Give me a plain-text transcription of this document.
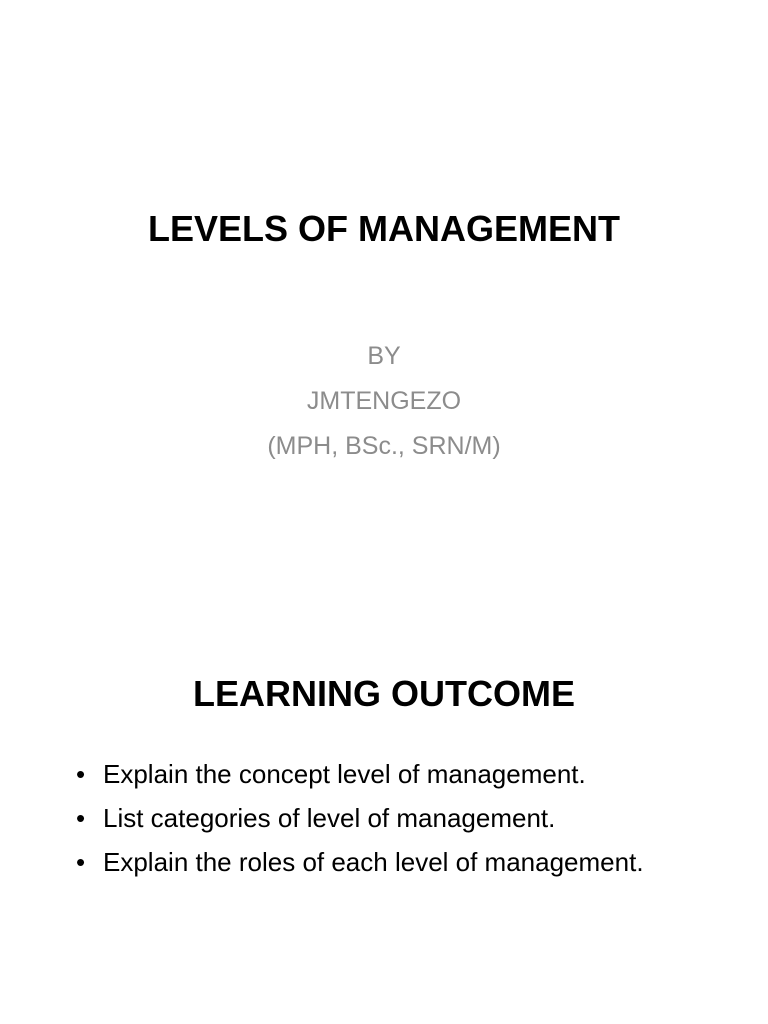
LEVELS OF MANAGEMENT
BY
JMTENGEZO
(MPH, BSc., SRN/M)
LEARNING OUTCOME
• Explain the concept level of management.
• List categories of level of management.
• Explain the roles of each level of management.
